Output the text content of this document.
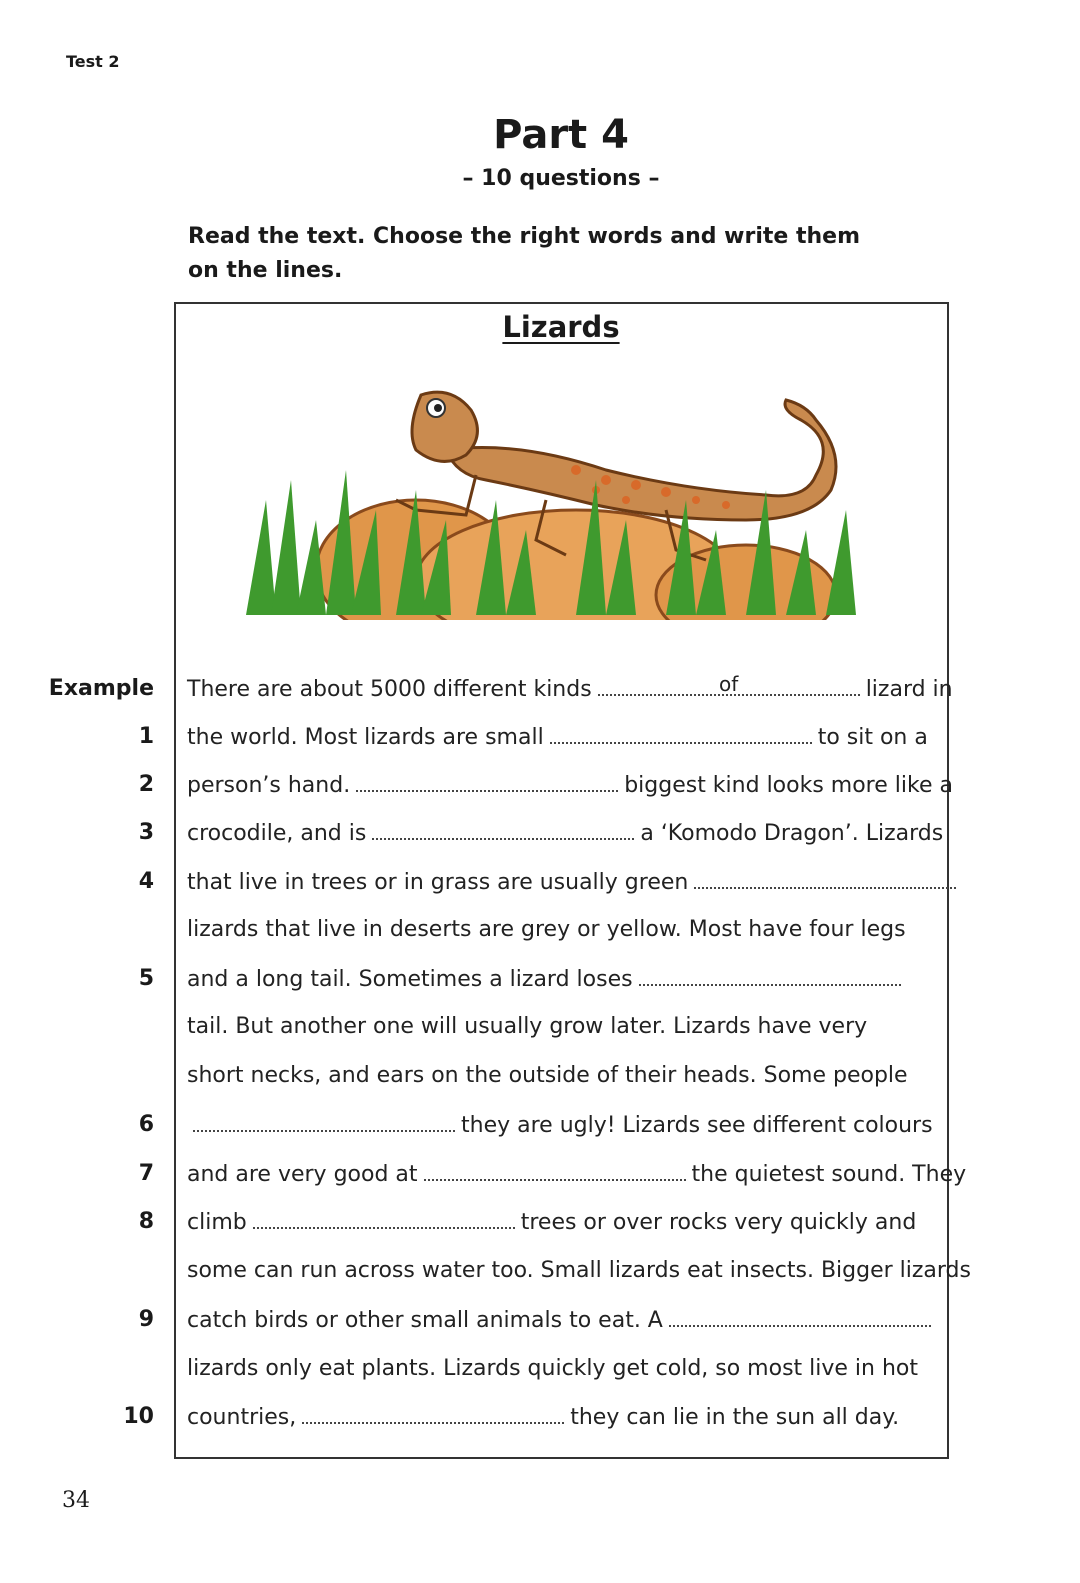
Test 2
Part 4
– 10 questions –
Read the text. Choose the right words and write them on the lines.
Lizards
Example There are about 5000 different kinds	of	lizard in
1 the world. Most lizards are small	to sit on a
2 person’s hand.	biggest kind looks more like a
3 crocodile, and is	a ‘Komodo Dragon’. Lizards
4 that live in trees or in grass are usually green
lizards that live in deserts are grey or yellow. Most have four legs
5 and a long tail. Sometimes a lizard loses
tail. But another one will usually grow later. Lizards have very
short necks, and ears on the outside of their heads. Some people
6	they are ugly! Lizards see different colours
7 and are very good at	the quietest sound. They
8 climb	trees or over rocks very quickly and
some can run across water too. Small lizards eat insects. Bigger lizards
9 catch birds or other small animals to eat. A
lizards only eat plants. Lizards quickly get cold, so most live in hot
10 countries,	they can lie in the sun all day.
34
